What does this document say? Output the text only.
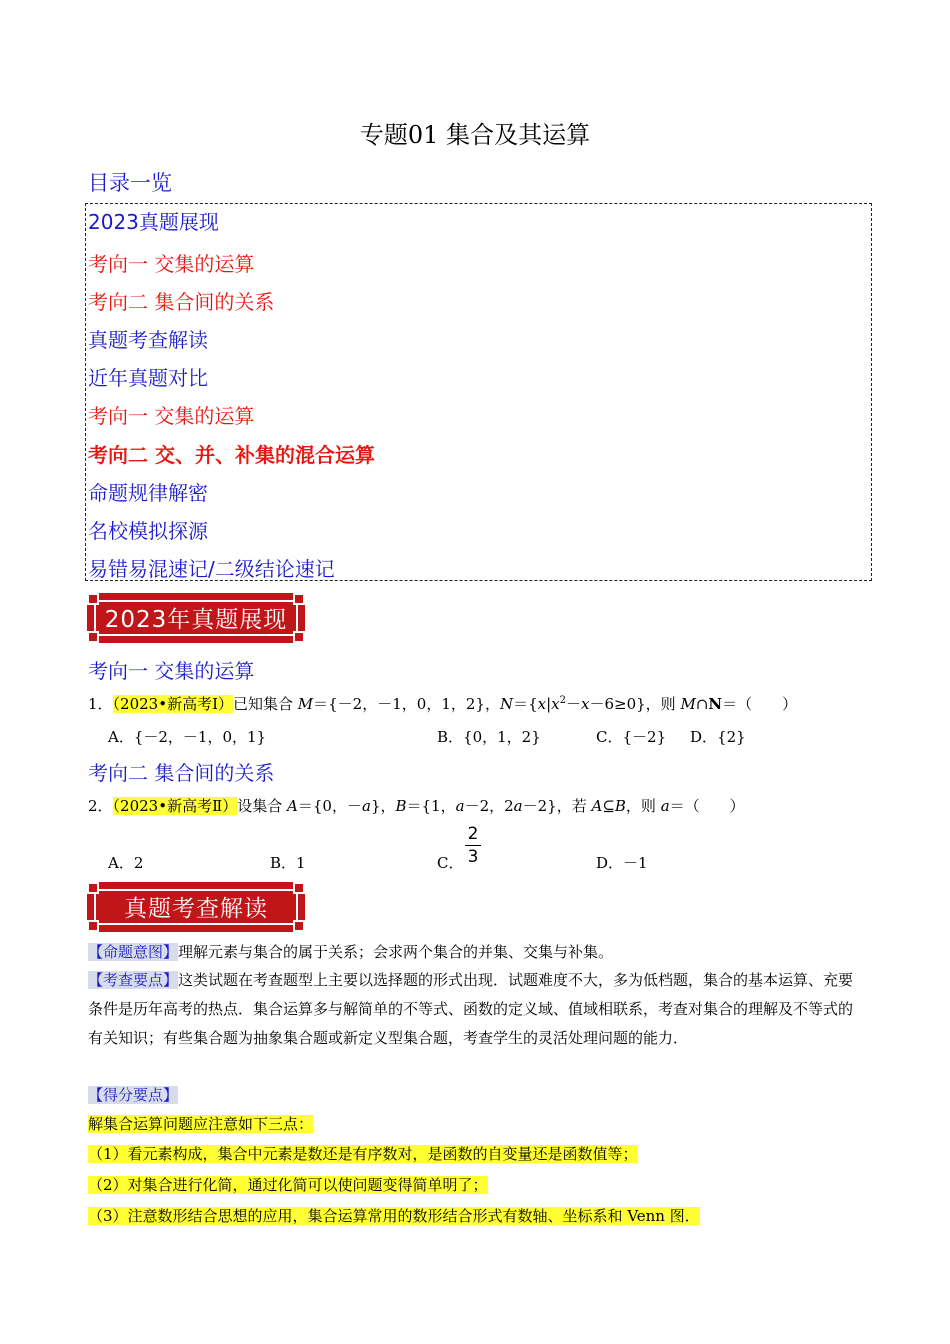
专题01 集合及其运算
目录一览
2023真题展现
考向一 交集的运算
考向二 集合间的关系
真题考查解读
近年真题对比
考向一 交集的运算
考向二 交、并、补集的混合运算
命题规律解密
名校模拟探源
易错易混速记/二级结论速记
2023年真题展现
考向一 交集的运算
1．（2023•新高考Ⅰ）已知集合 M＝{－2，－1，0，1，2}，$N=\{x|x^2-x-6\ge 0\}$，则 M∩N＝（　　）
A．{－2，－1，0，1}	B．{0，1，2}	C．{－2} D．{2}
考向二 集合间的关系
2．（2023•新高考Ⅱ）设集合 A＝{0，－a}，B＝{1，a－2，2a－2}，若 A⊆B，则 a＝（　　）
A．2	B．1	C．
2
3	D．－1
真题考查解读
【命题意图】理解元素与集合的属于关系；会求两个集合的并集、交集与补集。
【考查要点】这类试题在考查题型上主要以选择题的形式出现．试题难度不大，多为低档题，集合的基本运算、充要条件是历年高考的热点．集合运算多与解简单的不等式、函数的定义域、值域相联系，考查对集合的理解及不等式的有关知识；有些集合题为抽象集合题或新定义型集合题，考查学生的灵活处理问题的能力．
【得分要点】
解集合运算问题应注意如下三点：
（1）看元素构成，集合中元素是数还是有序数对，是函数的自变量还是函数值等；
（2）对集合进行化简，通过化简可以使问题变得简单明了；
（3）注意数形结合思想的应用，集合运算常用的数形结合形式有数轴、坐标系和 Venn 图．
